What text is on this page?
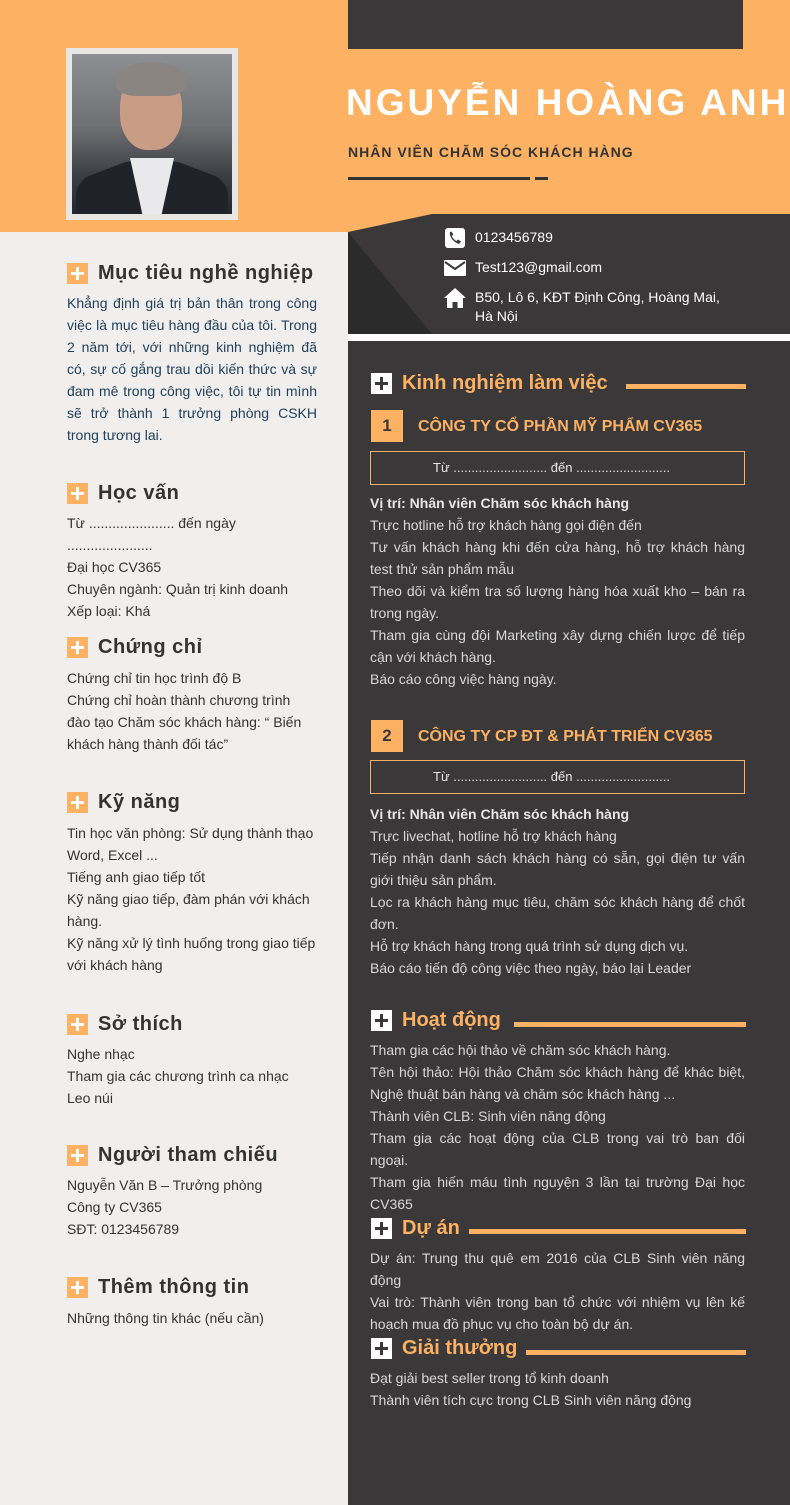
NGUYỄN HOÀNG ANH
NHÂN VIÊN CHĂM SÓC KHÁCH HÀNG
0123456789
Test123@gmail.com
B50, Lô 6, KĐT Định Công, Hoàng Mai,
Hà Nội
Mục tiêu nghề nghiệp
Khẳng định giá trị bản thân trong công việc là mục tiêu hàng đầu của tôi. Trong 2 năm tới, với những kinh nghiệm đã có, sự cố gắng trau dồi kiến thức và sự đam mê trong công việc, tôi tự tin mình sẽ trở thành 1 trưởng phòng CSKH trong tương lai.
Học vấn
Từ ...................... đến ngày ......................
Đại học CV365
Chuyên ngành: Quản trị kinh doanh
Xếp loại: Khá
Chứng chỉ
Chứng chỉ tin học trình độ B
Chứng chỉ hoàn thành chương trình đào tạo Chăm sóc khách hàng: “ Biến khách hàng thành đối tác”
Kỹ năng
Tin học văn phòng: Sử dụng thành thạo Word, Excel ...
Tiếng anh giao tiếp tốt
Kỹ năng giao tiếp, đàm phán với khách hàng.
Kỹ năng xử lý tình huống trong giao tiếp với khách hàng
Sở thích
Nghe nhạc
Tham gia các chương trình ca nhạc
Leo núi
Người tham chiếu
Nguyễn Văn B – Trưởng phòng
Công ty CV365
SĐT: 0123456789
Thêm thông tin
Những thông tin khác (nếu cần)
Kinh nghiệm làm việc
1	CÔNG TY CỔ PHẦN MỸ PHẨM CV365
Từ .......................... đến ..........................
Vị trí: Nhân viên Chăm sóc khách hàng
Trực hotline hỗ trợ khách hàng gọi điện đến
Tư vấn khách hàng khi đến cửa hàng, hỗ trợ khách hàng test thử sản phẩm mẫu
Theo dõi và kiểm tra số lượng hàng hóa xuất kho – bán ra trong ngày.
Tham gia cùng đội Marketing xây dựng chiến lược để tiếp cận với khách hàng.
Báo cáo công việc hàng ngày.
2	CÔNG TY CP ĐT & PHÁT TRIỂN CV365
Từ .......................... đến ..........................
Vị trí: Nhân viên Chăm sóc khách hàng
Trực livechat, hotline hỗ trợ khách hàng
Tiếp nhận danh sách khách hàng có sẵn, gọi điện tư vấn giới thiệu sản phẩm.
Lọc ra khách hàng mục tiêu, chăm sóc khách hàng để chốt đơn.
Hỗ trợ khách hàng trong quá trình sử dụng dịch vụ.
Báo cáo tiến độ công việc theo ngày, báo lại Leader
Hoạt động
Tham gia các hội thảo về chăm sóc khách hàng.
Tên hội thảo: Hội thảo Chăm sóc khách hàng để khác biệt, Nghệ thuật bán hàng và chăm sóc khách hàng ...
Thành viên CLB: Sinh viên năng động
Tham gia các hoạt động của CLB trong vai trò ban đối ngoại.
Tham gia hiến máu tình nguyện 3 lần tại trường Đại học CV365
Dự án
Dự án: Trung thu quê em 2016 của CLB Sinh viên năng động
Vai trò: Thành viên trong ban tổ chức với nhiệm vụ lên kế hoạch mua đồ phục vụ cho toàn bộ dự án.
Giải thưởng
Đạt giải best seller trong tổ kinh doanh
Thành viên tích cực trong CLB Sinh viên năng động
